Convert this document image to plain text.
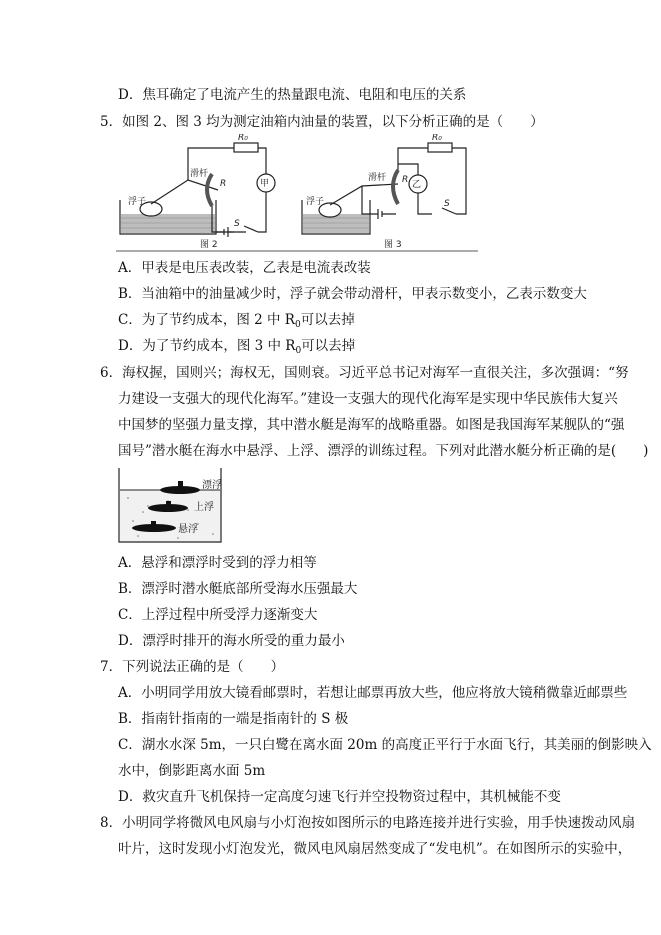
D．焦耳确定了电流产生的热量跟电流、电阻和电压的关系
5．如图 2、图 3 均为测定油箱内油量的装置，以下分析正确的是（　　）
浮子
滑杆
R
R₀
甲
S
图 2
浮子
滑杆 R
R₀
乙
S
图 3
A．甲表是电压表改装，乙表是电流表改装
B．当油箱中的油量减少时，浮子就会带动滑杆，甲表示数变小，乙表示数变大
C．为了节约成本，图 2 中 $R_0$可以去掉
D．为了节约成本，图 3 中 $R_0$可以去掉
6．海权握，国则兴；海权无，国则衰。习近平总书记对海军一直很关注，多次强调：“努
力建设一支强大的现代化海军。”建设一支强大的现代化海军是实现中华民族伟大复兴
中国梦的坚强力量支撑，其中潜水艇是海军的战略重器。如图是我国海军某舰队的“强
国号”潜水艇在海水中悬浮、上浮、漂浮的训练过程。下列对此潜水艇分析正确的是(　　)
漂浮
上浮
悬浮
A．悬浮和漂浮时受到的浮力相等
B．漂浮时潜水艇底部所受海水压强最大
C．上浮过程中所受浮力逐渐变大
D．漂浮时排开的海水所受的重力最小
7．下列说法正确的是（　　）
A．小明同学用放大镜看邮票时，若想让邮票再放大些，他应将放大镜稍微靠近邮票些
B．指南针指南的一端是指南针的 S 极
C．湖水水深 5m，一只白鹭在离水面 20m 的高度正平行于水面飞行，其美丽的倒影映入
水中，倒影距离水面 5m
D．救灾直升飞机保持一定高度匀速飞行并空投物资过程中，其机械能不变
8．小明同学将微风电风扇与小灯泡按如图所示的电路连接并进行实验，用手快速拨动风扇
叶片，这时发现小灯泡发光，微风电风扇居然变成了“发电机”。在如图所示的实验中，
